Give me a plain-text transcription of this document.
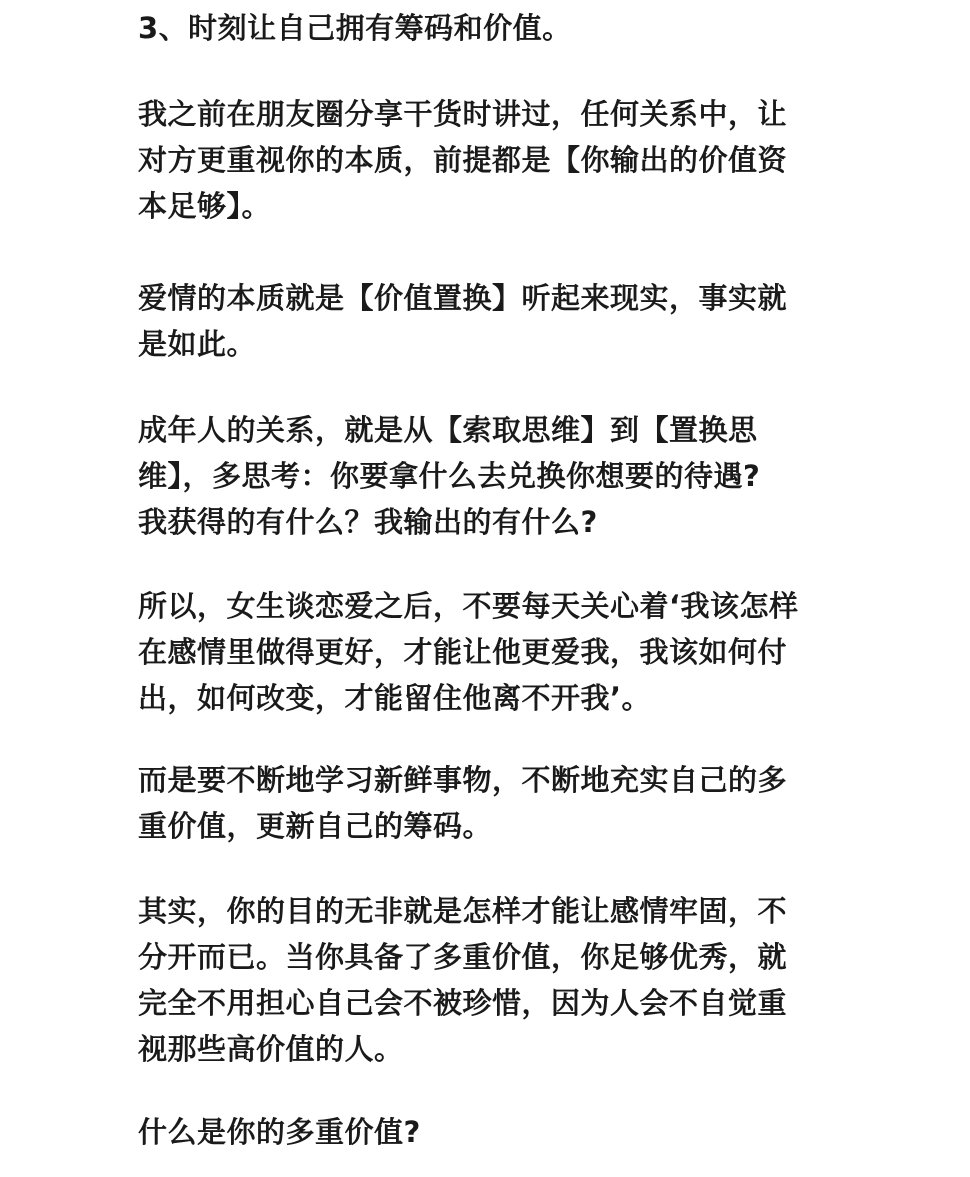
3、时刻让自己拥有筹码和价值。

我之前在朋友圈分享干货时讲过，任何关系中，让
对方更重视你的本质，前提都是【你输出的价值资
本足够】。

爱情的本质就是【价值置换】听起来现实，事实就
是如此。

成年人的关系，就是从【索取思维】到【置换思
维】，多思考：你要拿什么去兑换你想要的待遇?
我获得的有什么？我输出的有什么?

所以，女生谈恋爱之后，不要每天关心着‘我该怎样
在感情里做得更好，才能让他更爱我，我该如何付
出，如何改变，才能留住他离不开我’。

而是要不断地学习新鲜事物，不断地充实自己的多
重价值，更新自己的筹码。

其实，你的目的无非就是怎样才能让感情牢固，不
分开而已。当你具备了多重价值，你足够优秀，就
完全不用担心自己会不被珍惜，因为人会不自觉重
视那些高价值的人。

什么是你的多重价值?
